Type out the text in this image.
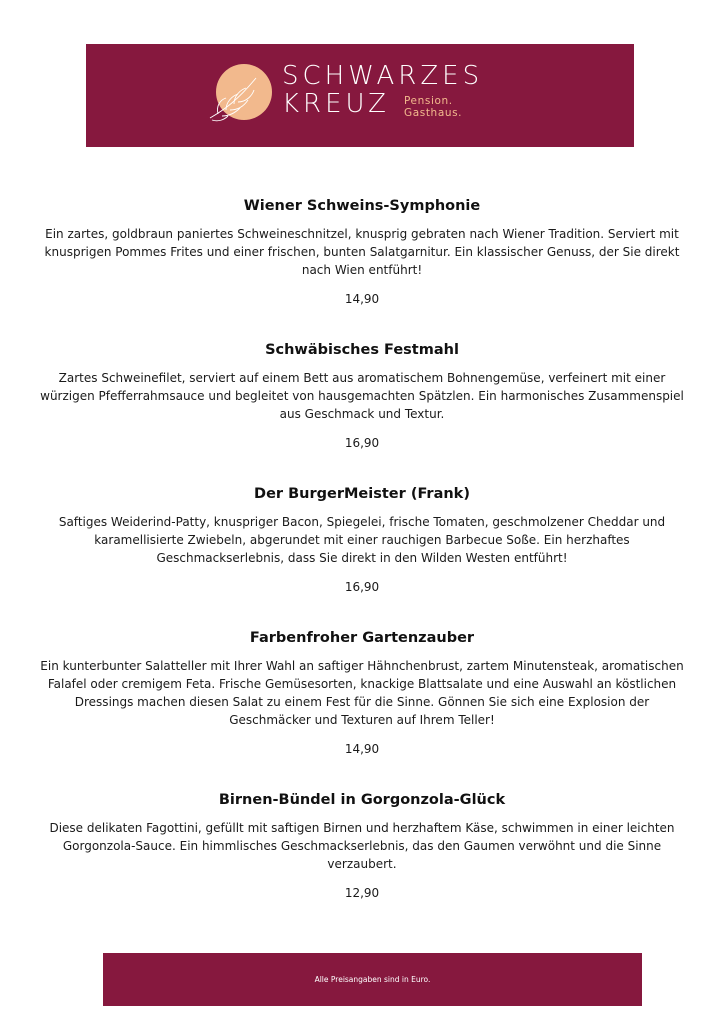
SCHWARZES
KREUZ	Pension.
Gasthaus.
Wiener Schweins-Symphonie

Ein zartes, goldbraun paniertes Schweineschnitzel, knusprig gebraten nach Wiener Tradition. Serviert mit knusprigen Pommes Frites und einer frischen, bunten Salatgarnitur. Ein klassischer Genuss, der Sie direkt nach Wien entführt!

14,90

Schwäbisches Festmahl

Zartes Schweinefilet, serviert auf einem Bett aus aromatischem Bohnengemüse, verfeinert mit einer würzigen Pfefferrahmsauce und begleitet von hausgemachten Spätzlen. Ein harmonisches Zusammenspiel aus Geschmack und Textur.

16,90

Der BurgerMeister (Frank)

Saftiges Weiderind-Patty, knuspriger Bacon, Spiegelei, frische Tomaten, geschmolzener Cheddar und karamellisierte Zwiebeln, abgerundet mit einer rauchigen Barbecue Soße. Ein herzhaftes Geschmackserlebnis, dass Sie direkt in den Wilden Westen entführt!

16,90

Farbenfroher Gartenzauber

Ein kunterbunter Salatteller mit Ihrer Wahl an saftiger Hähnchenbrust, zartem Minutensteak, aromatischen Falafel oder cremigem Feta. Frische Gemüsesorten, knackige Blattsalate und eine Auswahl an köstlichen Dressings machen diesen Salat zu einem Fest für die Sinne. Gönnen Sie sich eine Explosion der Geschmäcker und Texturen auf Ihrem Teller!

14,90

Birnen-Bündel in Gorgonzola-Glück

Diese delikaten Fagottini, gefüllt mit saftigen Birnen und herzhaftem Käse, schwimmen in einer leichten Gorgonzola-Sauce. Ein himmlisches Geschmackserlebnis, das den Gaumen verwöhnt und die Sinne verzaubert.

12,90

Alle Preisangaben sind in Euro.
